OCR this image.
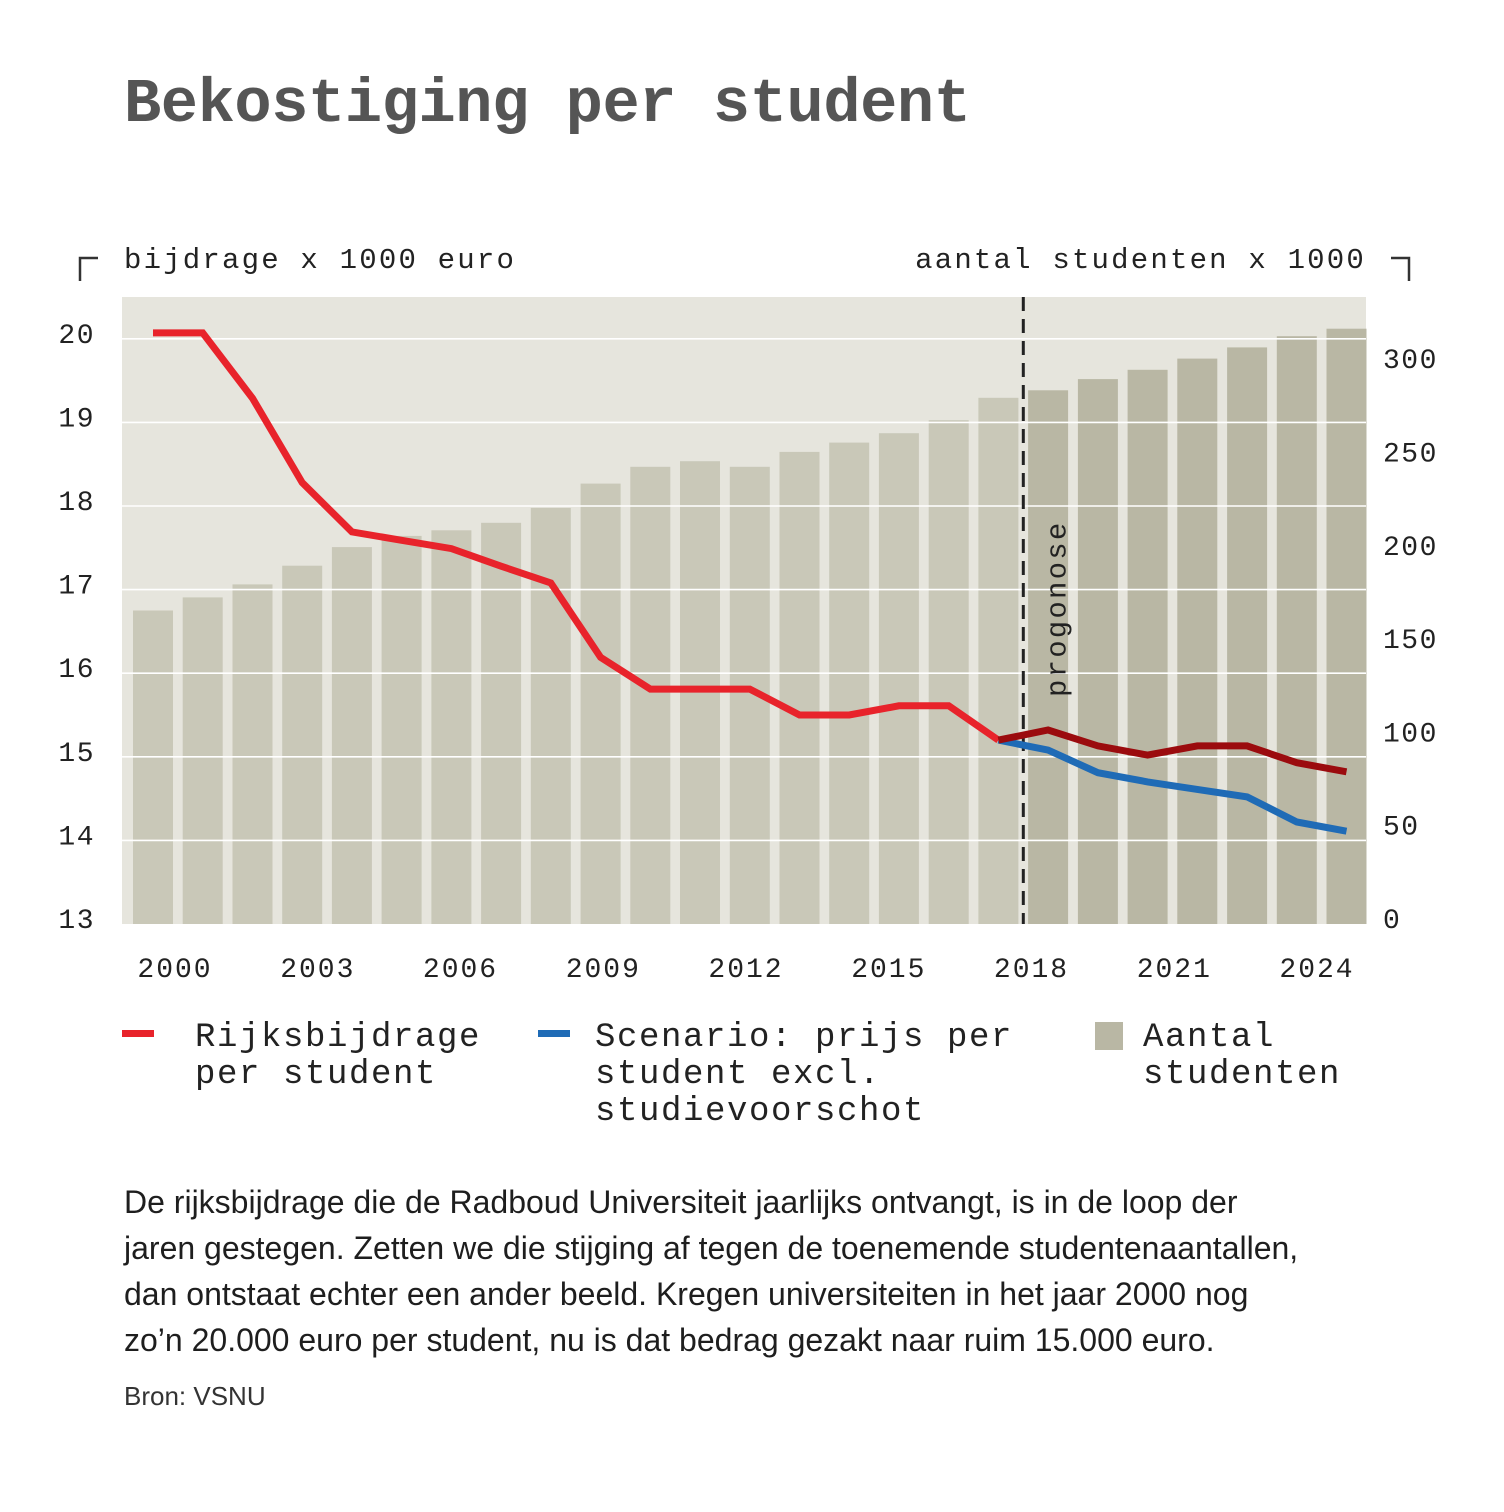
Bekostiging per student
bijdrage x 1000 euro	aantal studenten x 1000
progonose
13
14
15
16
17
18
19
20
0
50
100
150
200
250
300
2000 2003 2006 2009 2012 2015 2018 2021 2024
Rijksbijdrage per student
Scenario: prijs per student excl. studievoorschot
Aantal studenten
De rijksbijdrage die de Radboud Universiteit jaarlijks ontvangt, is in de loop der
jaren gestegen. Zetten we die stijging af tegen de toenemende studentenaantallen,
dan ontstaat echter een ander beeld. Kregen universiteiten in het jaar 2000 nog
zo’n 20.000 euro per student, nu is dat bedrag gezakt naar ruim 15.000 euro.
Bron: VSNU
